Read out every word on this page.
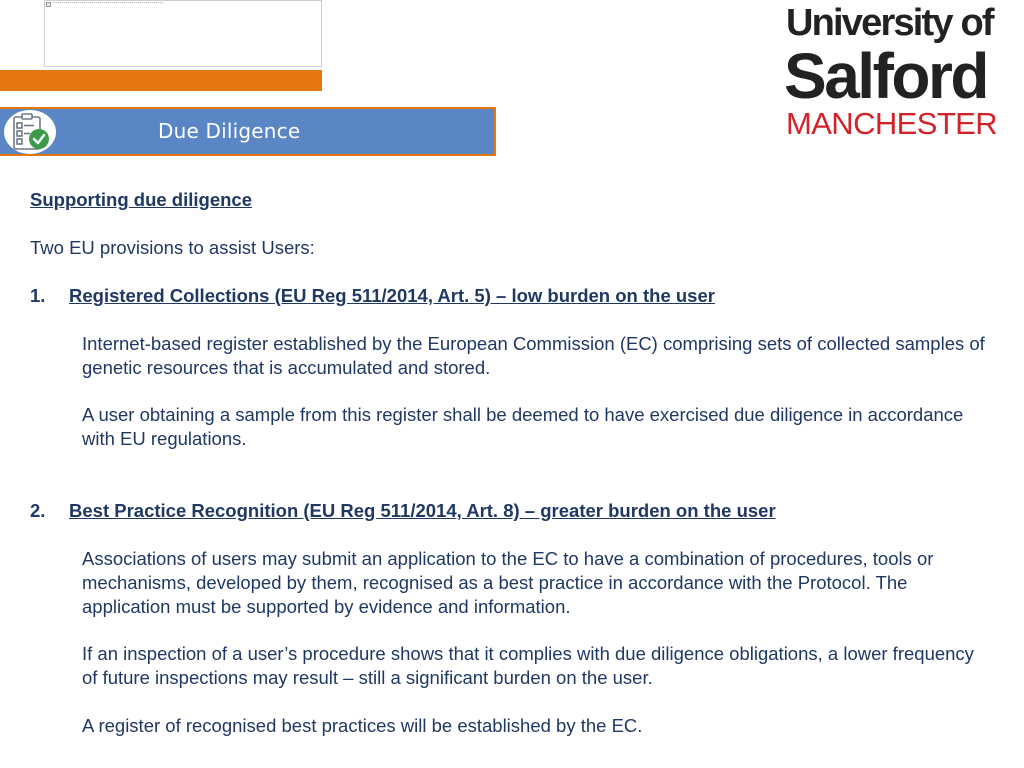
Due Diligence
University of
Salford
MANCHESTER
Supporting due diligence
Two EU provisions to assist Users:
1. Registered Collections (EU Reg 511/2014, Art. 5) – low burden on the user
Internet-based register established by the European Commission (EC) comprising sets of collected samples of genetic resources that is accumulated and stored.
A user obtaining a sample from this register shall be deemed to have exercised due diligence in accordance with EU regulations.
2. Best Practice Recognition (EU Reg 511/2014, Art. 8) – greater burden on the user
Associations of users may submit an application to the EC to have a combination of procedures, tools or mechanisms, developed by them, recognised as a best practice in accordance with the Protocol. The application must be supported by evidence and information.
If an inspection of a user’s procedure shows that it complies with due diligence obligations, a lower frequency of future inspections may result – still a significant burden on the user.
A register of recognised best practices will be established by the EC.
